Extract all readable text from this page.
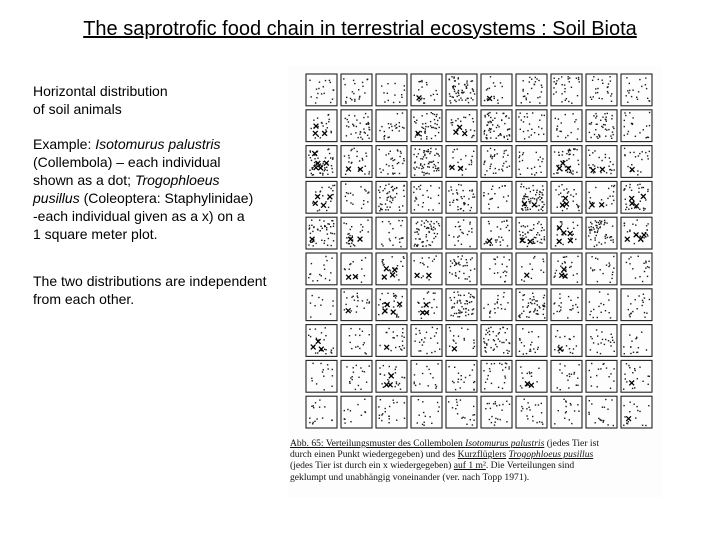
The saprotrofic food chain in terrestrial ecosystems : Soil Biota
Horizontal distribution
of soil animals
Example: Isotomurus palustris
(Collembola) – each individual
shown as a dot; Trogophloeus
pusillus (Coleoptera: Staphylinidae)
-each individual given as a x) on a
1 square meter plot.
The two distributions are independent
from each other.
Abb. 65: Verteilungsmuster des Collembolen Isotomurus palustris (jedes Tier ist
durch einen Punkt wiedergegeben) und des Kurzflüglers Trogophloeus pusillus
(jedes Tier ist durch ein x wiedergegeben) auf 1 m². Die Verteilungen sind
geklumpt und unabhängig voneinander (ver. nach Topp 1971).
